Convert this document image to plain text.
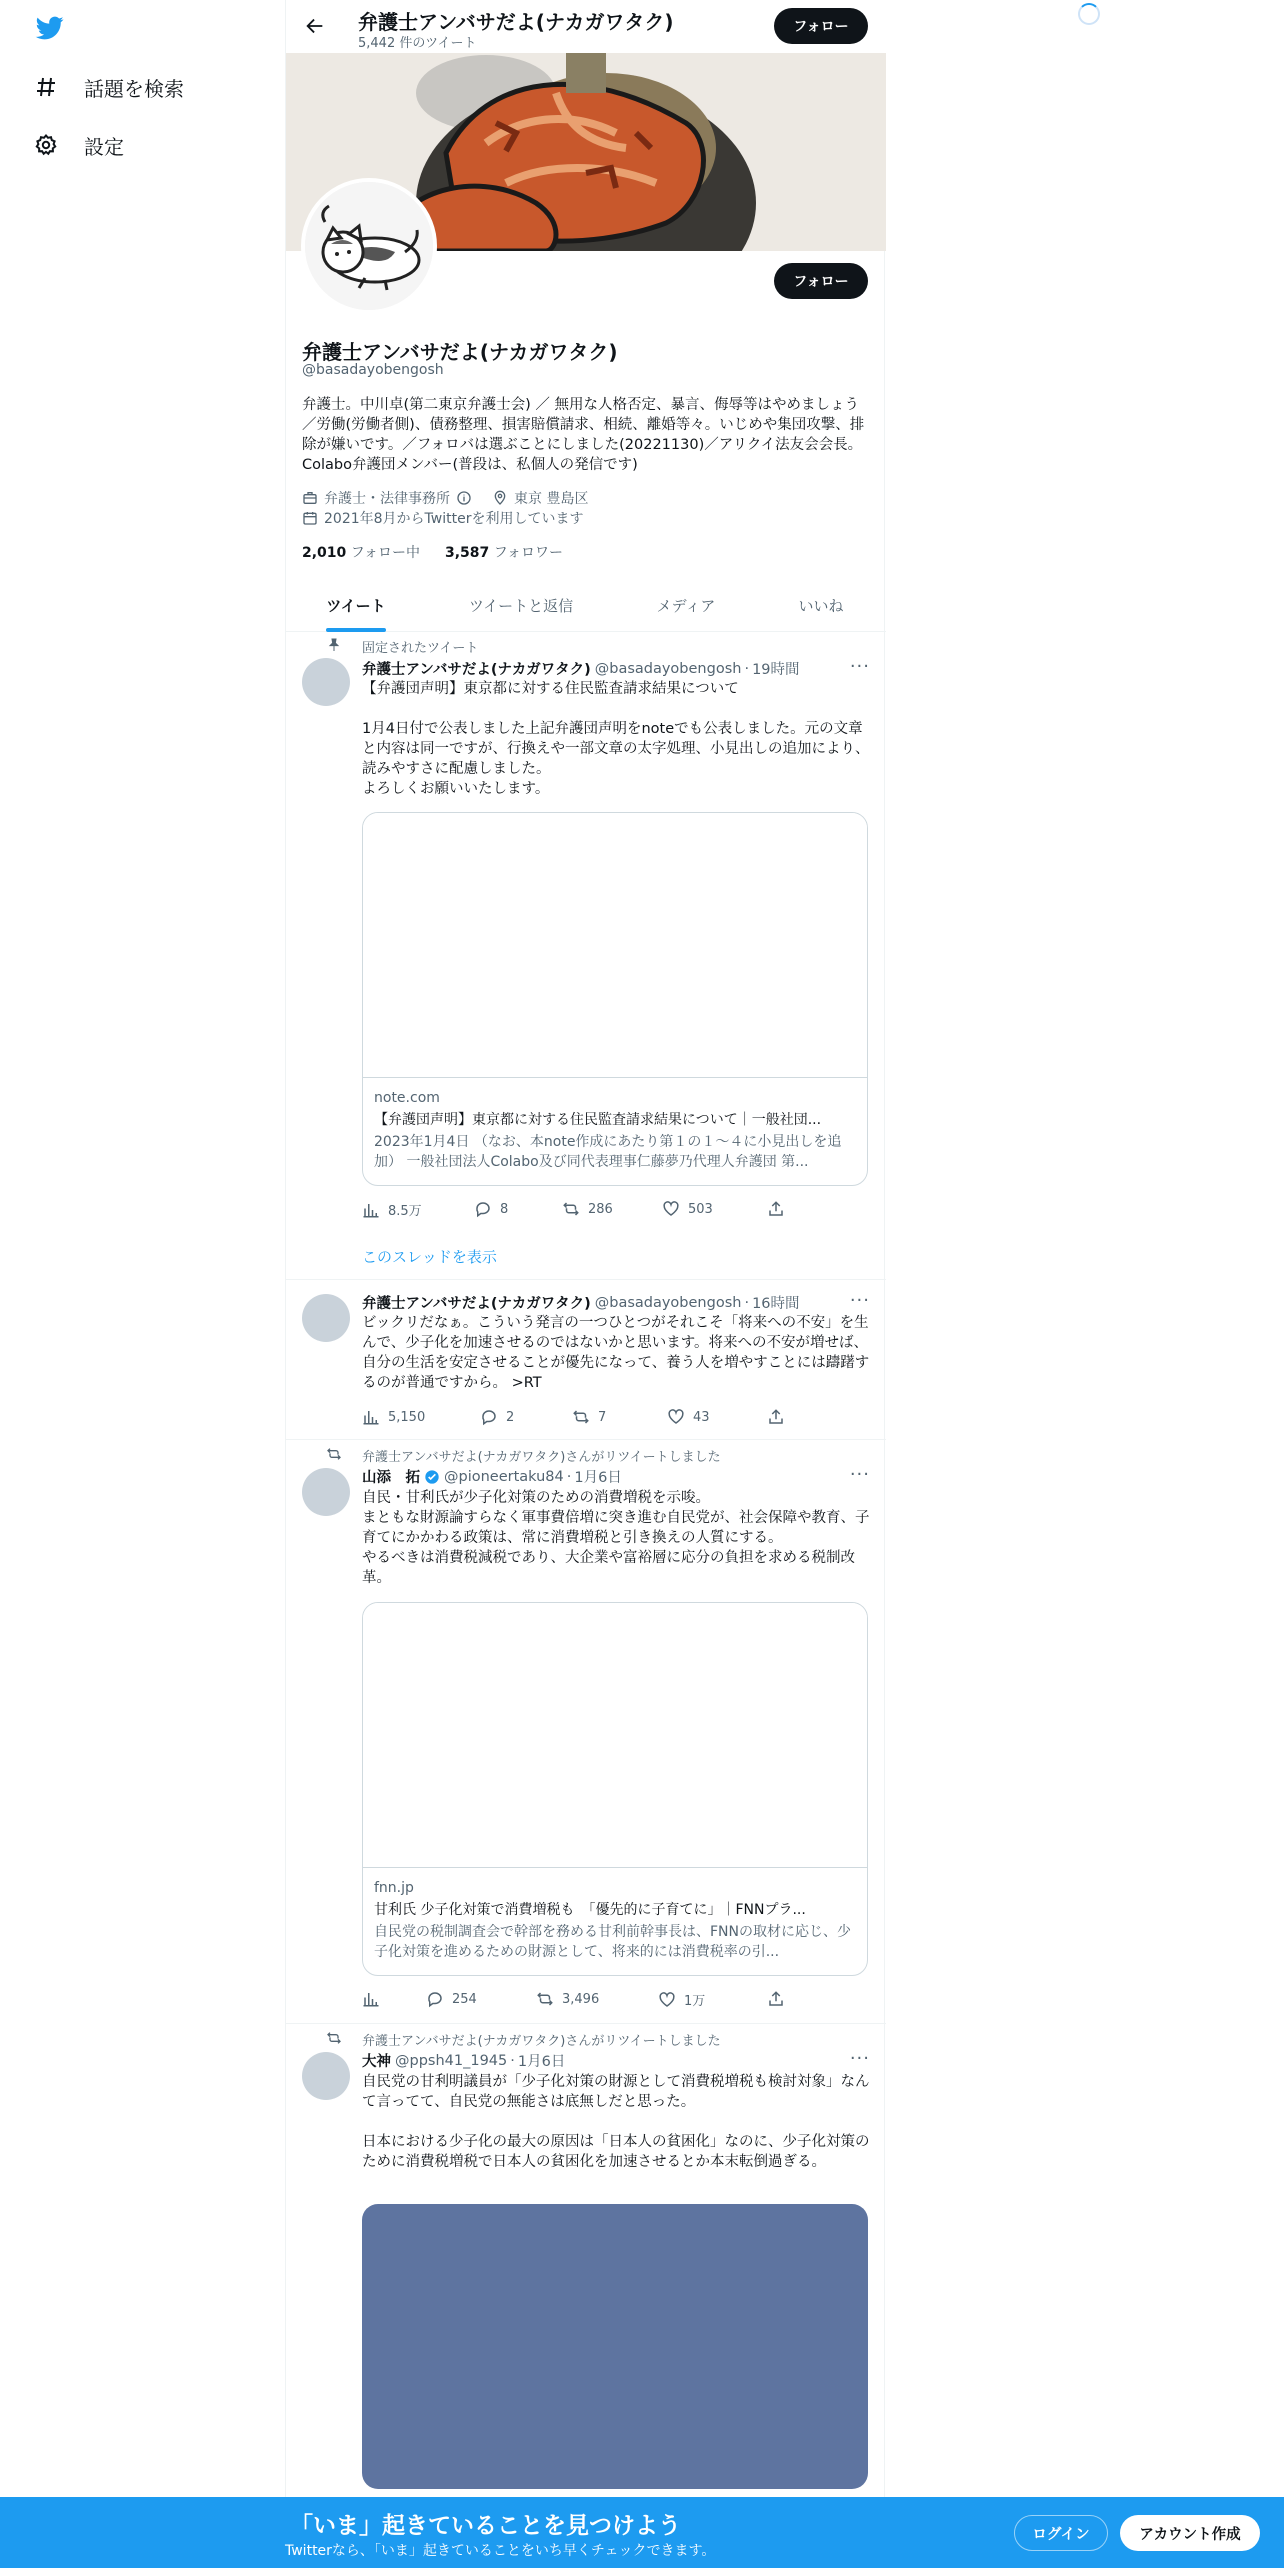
話題を検索
設定
弁護士アンバサだよ(ナカガワタク)
5,442 件のツイート
フォロー
フォロー
弁護士アンバサだよ(ナカガワタク)
@basadayobengosh
弁護士。中川卓(第二東京弁護士会) ／ 無用な人格否定、暴言、侮辱等はやめましょう／労働(労働者側)、債務整理、損害賠償請求、相続、離婚等々。いじめや集団攻撃、排除が嫌いです。／フォロバは選ぶことにしました(20221130)／アリクイ法友会会長。Colabo弁護団メンバー(普段は、私個人の発信です)
弁護士・法律事務所	東京 豊島区
2021年8月からTwitterを利用しています
2,010 フォロー中 3,587 フォロワー
ツイート	ツイートと返信	メディア	いいね
固定されたツイート
弁護士アンバサだよ(ナカガワタク) @basadayobengosh · 19時間	···
【弁護団声明】東京都に対する住民監査請求結果について

1月4日付で公表しました上記弁護団声明をnoteでも公表しました。元の文章と内容は同一ですが、行換えや一部文章の太字処理、小見出しの追加により、読みやすさに配慮しました。
よろしくお願いいたします。
note.com
【弁護団声明】東京都に対する住民監査請求結果について｜一般社団...
2023年1月4日 （なお、本note作成にあたり第１の１～４に小見出しを追加） 一般社団法人Colabo及び同代表理事仁藤夢乃代理人弁護団 第...
8.5万	8	286	503
このスレッドを表示
弁護士アンバサだよ(ナカガワタク) @basadayobengosh · 16時間	···
ビックリだなぁ。こういう発言の一つひとつがそれこそ「将来への不安」を生んで、少子化を加速させるのではないかと思います。将来への不安が増せば、自分の生活を安定させることが優先になって、養う人を増やすことには躊躇するのが普通ですから。 >RT
5,150	2	7	43
弁護士アンバサだよ(ナカガワタク)さんがリツイートしました
山添　拓 @pioneertaku84 · 1月6日	···
自民・甘利氏が少子化対策のための消費増税を示唆。
まともな財源論すらなく軍事費倍増に突き進む自民党が、社会保障や教育、子育てにかかわる政策は、常に消費増税と引き換えの人質にする。
やるべきは消費税減税であり、大企業や富裕層に応分の負担を求める税制改革。
fnn.jp
甘利氏 少子化対策で消費増税も　「優先的に子育てに」｜FNNプラ...
自民党の税制調査会で幹部を務める甘利前幹事長は、FNNの取材に応じ、少子化対策を進めるための財源として、将来的には消費税率の引...
254	3,496	1万
弁護士アンバサだよ(ナカガワタク)さんがリツイートしました
大神 @ppsh41_1945 · 1月6日	···
自民党の甘利明議員が「少子化対策の財源として消費税増税も検討対象」なんて言ってて、自民党の無能さは底無しだと思った。

日本における少子化の最大の原因は「日本人の貧困化」なのに、少子化対策のために消費税増税で日本人の貧困化を加速させるとか本末転倒過ぎる。
「いま」起きていることを見つけよう
Twitterなら、「いま」起きていることをいち早くチェックできます。
ログイン	アカウント作成
